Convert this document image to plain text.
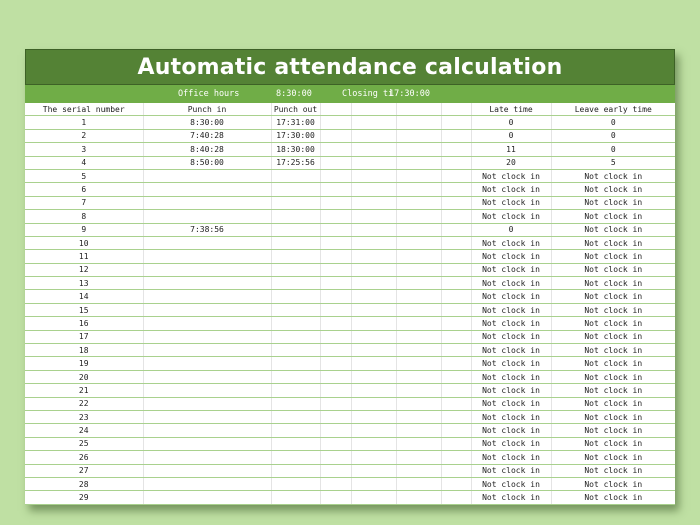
Automatic attendance calculation
Office hours	8:30:00	Closing ti
17:30:00
The serial number	Punch in	Punch out					Late time	Leave early time
1	8:30:00	17:31:00					0	0
2	7:40:28	17:30:00					0	0
3	8:40:28	18:30:00					11	0
4	8:50:00	17:25:56					20	5
5							Not clock in	Not clock in
6							Not clock in	Not clock in
7							Not clock in	Not clock in
8							Not clock in	Not clock in
9	7:38:56						0	Not clock in
10							Not clock in	Not clock in
11							Not clock in	Not clock in
12							Not clock in	Not clock in
13							Not clock in	Not clock in
14							Not clock in	Not clock in
15							Not clock in	Not clock in
16							Not clock in	Not clock in
17							Not clock in	Not clock in
18							Not clock in	Not clock in
19							Not clock in	Not clock in
20							Not clock in	Not clock in
21							Not clock in	Not clock in
22							Not clock in	Not clock in
23							Not clock in	Not clock in
24							Not clock in	Not clock in
25							Not clock in	Not clock in
26							Not clock in	Not clock in
27							Not clock in	Not clock in
28							Not clock in	Not clock in
29							Not clock in	Not clock in
